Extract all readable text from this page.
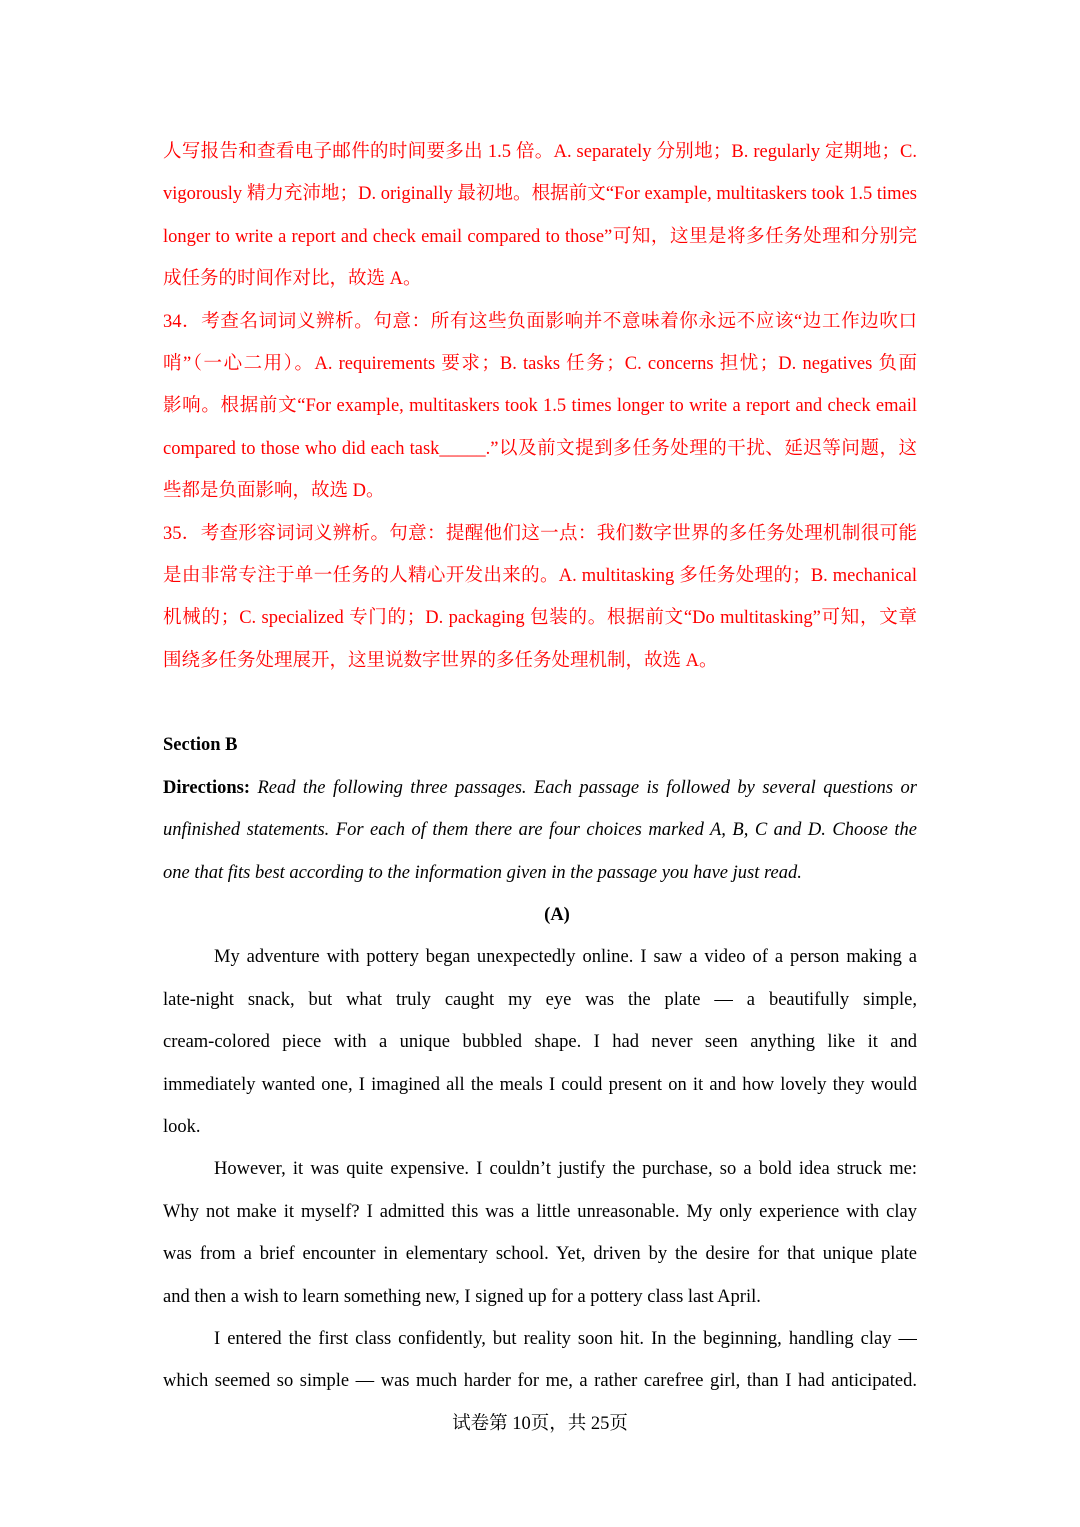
人写报告和查看电子邮件的时间要多出 1.5 倍。A. separately 分别地；B. regularly 定期地；C.
vigorously 精力充沛地；D. originally 最初地。根据前文“For example, multitaskers took 1.5 times
longer to write a report and check email compared to those”可知，这里是将多任务处理和分别完
成任务的时间作对比，故选 A。
34．考查名词词义辨析。句意：所有这些负面影响并不意味着你永远不应该“边工作边吹口
哨”（一心二用）。A. requirements 要求；B. tasks 任务；C. concerns 担忧；D. negatives 负面
影响。根据前文“For example, multitaskers took 1.5 times longer to write a report and check email
compared to those who did each task_____.”以及前文提到多任务处理的干扰、延迟等问题，这
些都是负面影响，故选 D。
35．考查形容词词义辨析。句意：提醒他们这一点：我们数字世界的多任务处理机制很可能
是由非常专注于单一任务的人精心开发出来的。A. multitasking 多任务处理的；B. mechanical
机械的；C. specialized 专门的；D. packaging 包装的。根据前文“Do multitasking”可知，文章
围绕多任务处理展开，这里说数字世界的多任务处理机制，故选 A。
Section B
Directions: Read the following three passages. Each passage is followed by several questions or
unfinished statements. For each of them there are four choices marked A, B, C and D. Choose the
one that fits best according to the information given in the passage you have just read.
(A)
My adventure with pottery began unexpectedly online. I saw a video of a person making a
late-night snack, but what truly caught my eye was the plate — a beautifully simple,
cream-colored piece with a unique bubbled shape. I had never seen anything like it and
immediately wanted one, I imagined all the meals I could present on it and how lovely they would
look.
However, it was quite expensive. I couldn’t justify the purchase, so a bold idea struck me:
Why not make it myself? I admitted this was a little unreasonable. My only experience with clay
was from a brief encounter in elementary school. Yet, driven by the desire for that unique plate
and then a wish to learn something new, I signed up for a pottery class last April.
I entered the first class confidently, but reality soon hit. In the beginning, handling clay —
which seemed so simple — was much harder for me, a rather carefree girl, than I had anticipated.
试卷第 10页，共 25页
